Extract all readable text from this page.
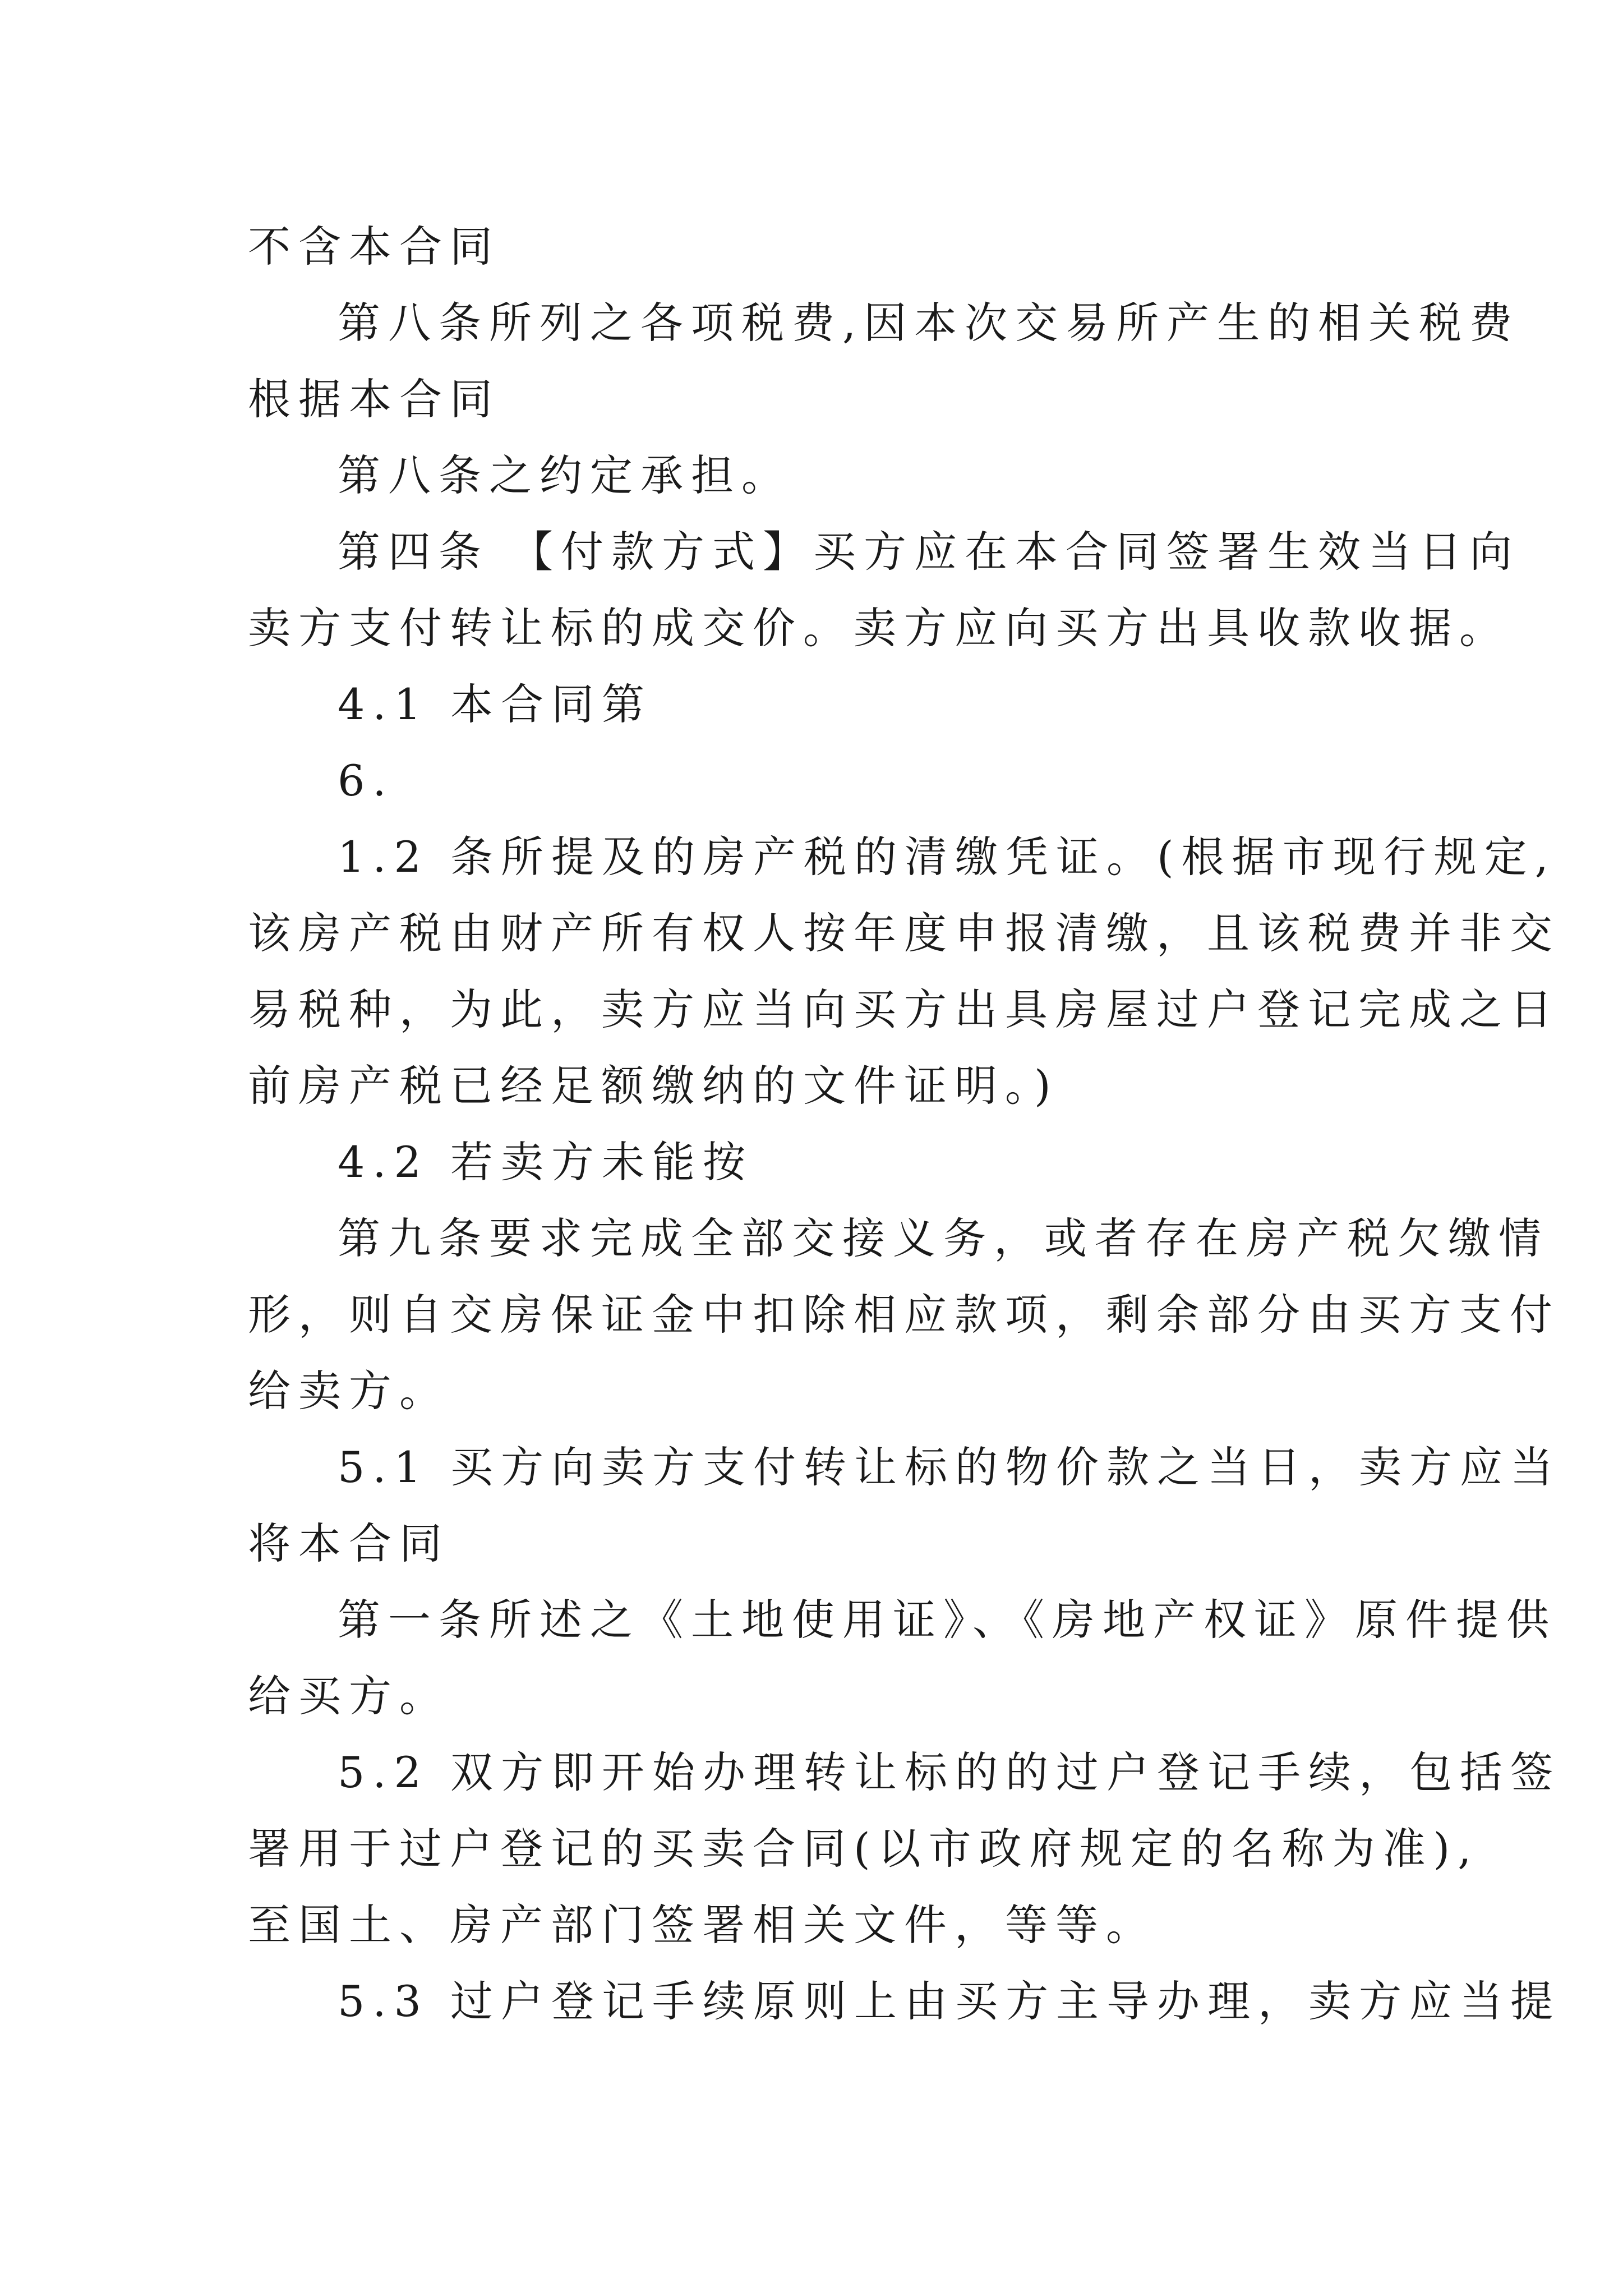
不含本合同
第八条所列之各项税费,因本次交易所产生的相关税费
根据本合同
第八条之约定承担。
第四条 【付款方式】买方应在本合同签署生效当日向
卖方支付转让标的成交价。卖方应向买方出具收款收据。
4.1 本合同第
6.
1.2 条所提及的房产税的清缴凭证。(根据市现行规定,
该房产税由财产所有权人按年度申报清缴，且该税费并非交
易税种，为此，卖方应当向买方出具房屋过户登记完成之日
前房产税已经足额缴纳的文件证明。)
4.2 若卖方未能按
第九条要求完成全部交接义务，或者存在房产税欠缴情
形，则自交房保证金中扣除相应款项，剩余部分由买方支付
给卖方。
5.1 买方向卖方支付转让标的物价款之当日，卖方应当
将本合同
第一条所述之《土地使用证》、《房地产权证》原件提供
给买方。
5.2 双方即开始办理转让标的的过户登记手续，包括签
署用于过户登记的买卖合同(以市政府规定的名称为准),
至国土、房产部门签署相关文件，等等。
5.3 过户登记手续原则上由买方主导办理，卖方应当提
